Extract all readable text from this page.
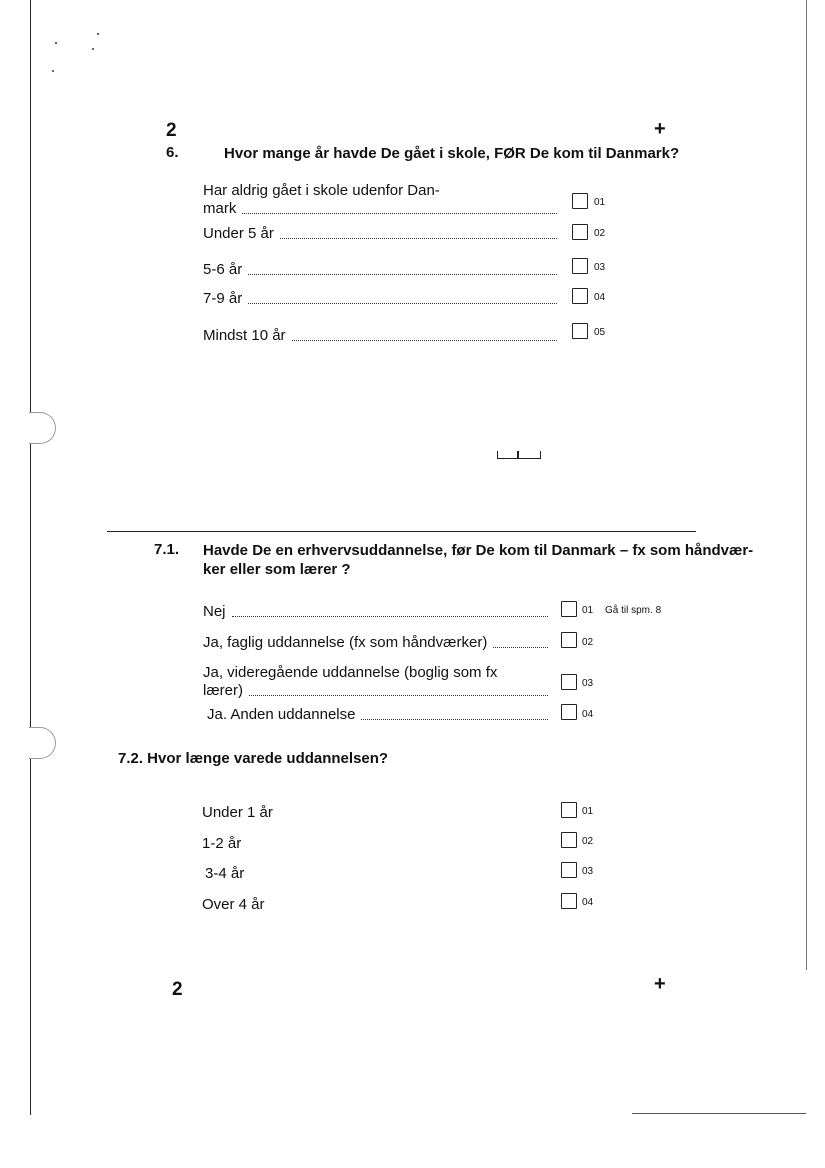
2	+
6.	Hvor mange år havde De gået i skole, FØR De kom til Danmark?
Har aldrig gået i skole udenfor Dan-
mark	01
Under 5 år	02
5-6 år	03
7-9 år	04
Mindst 10 år	05
7.1. Havde De en erhvervsuddannelse, før De kom til Danmark – fx som håndvær-
ker eller som lærer ?
Nej	01 Gå til spm. 8
Ja, faglig uddannelse (fx som håndværker)	02
Ja, videregående uddannelse (boglig som fx
lærer)	03
Ja. Anden uddannelse	04
7.2. Hvor længe varede uddannelsen?
Under 1 år	01
1-2 år	02
3-4 år	03
Over 4 år	04
2	+
